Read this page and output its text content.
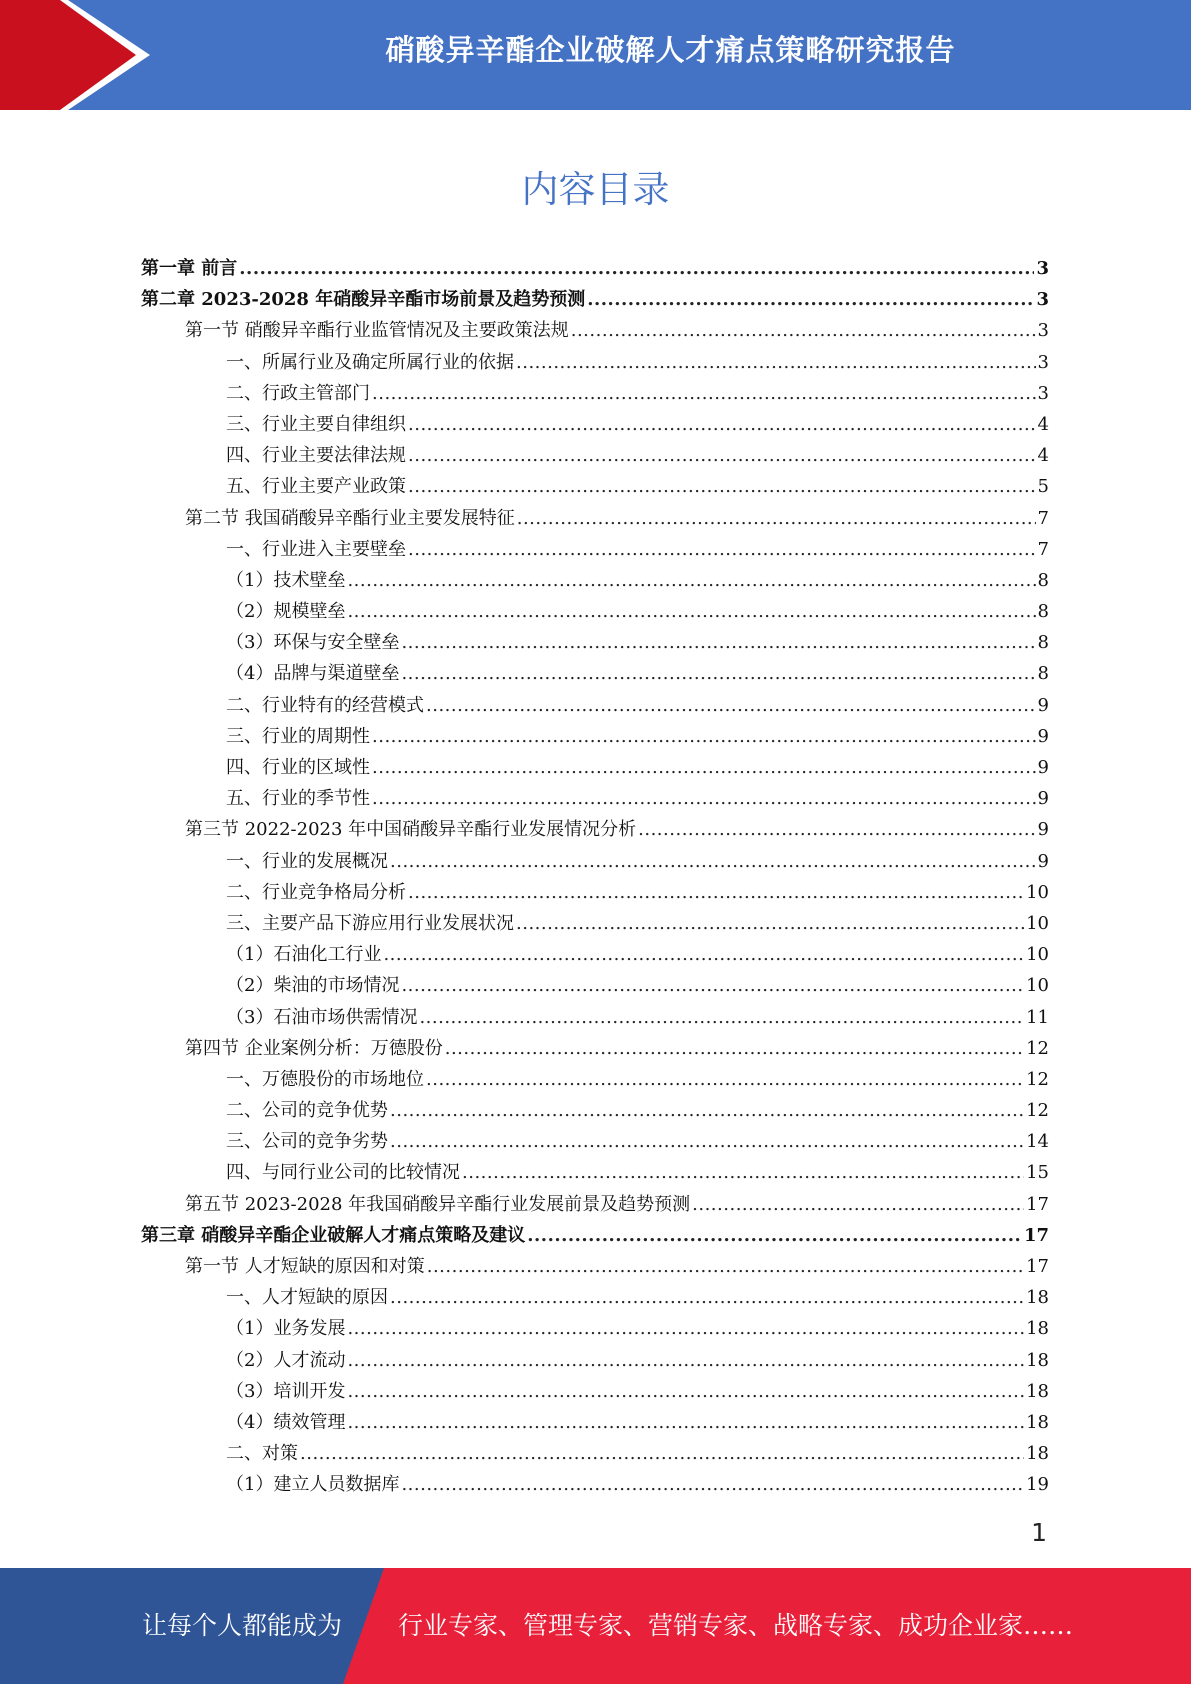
硝酸异辛酯企业破解人才痛点策略研究报告
内容目录
第一章 前言 .....	3
第二章 2023-2028 年硝酸异辛酯市场前景及趋势预测 .....	3
第一节 硝酸异辛酯行业监管情况及主要政策法规 .....	3
一、所属行业及确定所属行业的依据 .....	3
二、行政主管部门 .....	3
三、行业主要自律组织 .....	4
四、行业主要法律法规 .....	4
五、行业主要产业政策 .....	5
第二节 我国硝酸异辛酯行业主要发展特征 .....	7
一、行业进入主要壁垒 .....	7
（1）技术壁垒 .....	8
（2）规模壁垒 .....	8
（3）环保与安全壁垒 .....	8
（4）品牌与渠道壁垒 .....	8
二、行业特有的经营模式 .....	9
三、行业的周期性 .....	9
四、行业的区域性 .....	9
五、行业的季节性 .....	9
第三节 2022-2023 年中国硝酸异辛酯行业发展情况分析 .....	9
一、行业的发展概况 .....	9
二、行业竞争格局分析 .....	10
三、主要产品下游应用行业发展状况 .....	10
（1）石油化工行业 .....	10
（2）柴油的市场情况 .....	10
（3）石油市场供需情况 .....	11
第四节 企业案例分析：万德股份 .....	12
一、万德股份的市场地位 .....	12
二、公司的竞争优势 .....	12
三、公司的竞争劣势 .....	14
四、与同行业公司的比较情况 .....	15
第五节 2023-2028 年我国硝酸异辛酯行业发展前景及趋势预测 .....	17
第三章 硝酸异辛酯企业破解人才痛点策略及建议 .....	17
第一节 人才短缺的原因和对策 .....	17
一、人才短缺的原因 .....	18
（1）业务发展 .....	18
（2）人才流动 .....	18
（3）培训开发 .....	18
（4）绩效管理 .....	18
二、对策 .....	18
（1）建立人员数据库 .....	19
1
让每个人都能成为 行业专家、管理专家、营销专家、战略专家、成功企业家……
